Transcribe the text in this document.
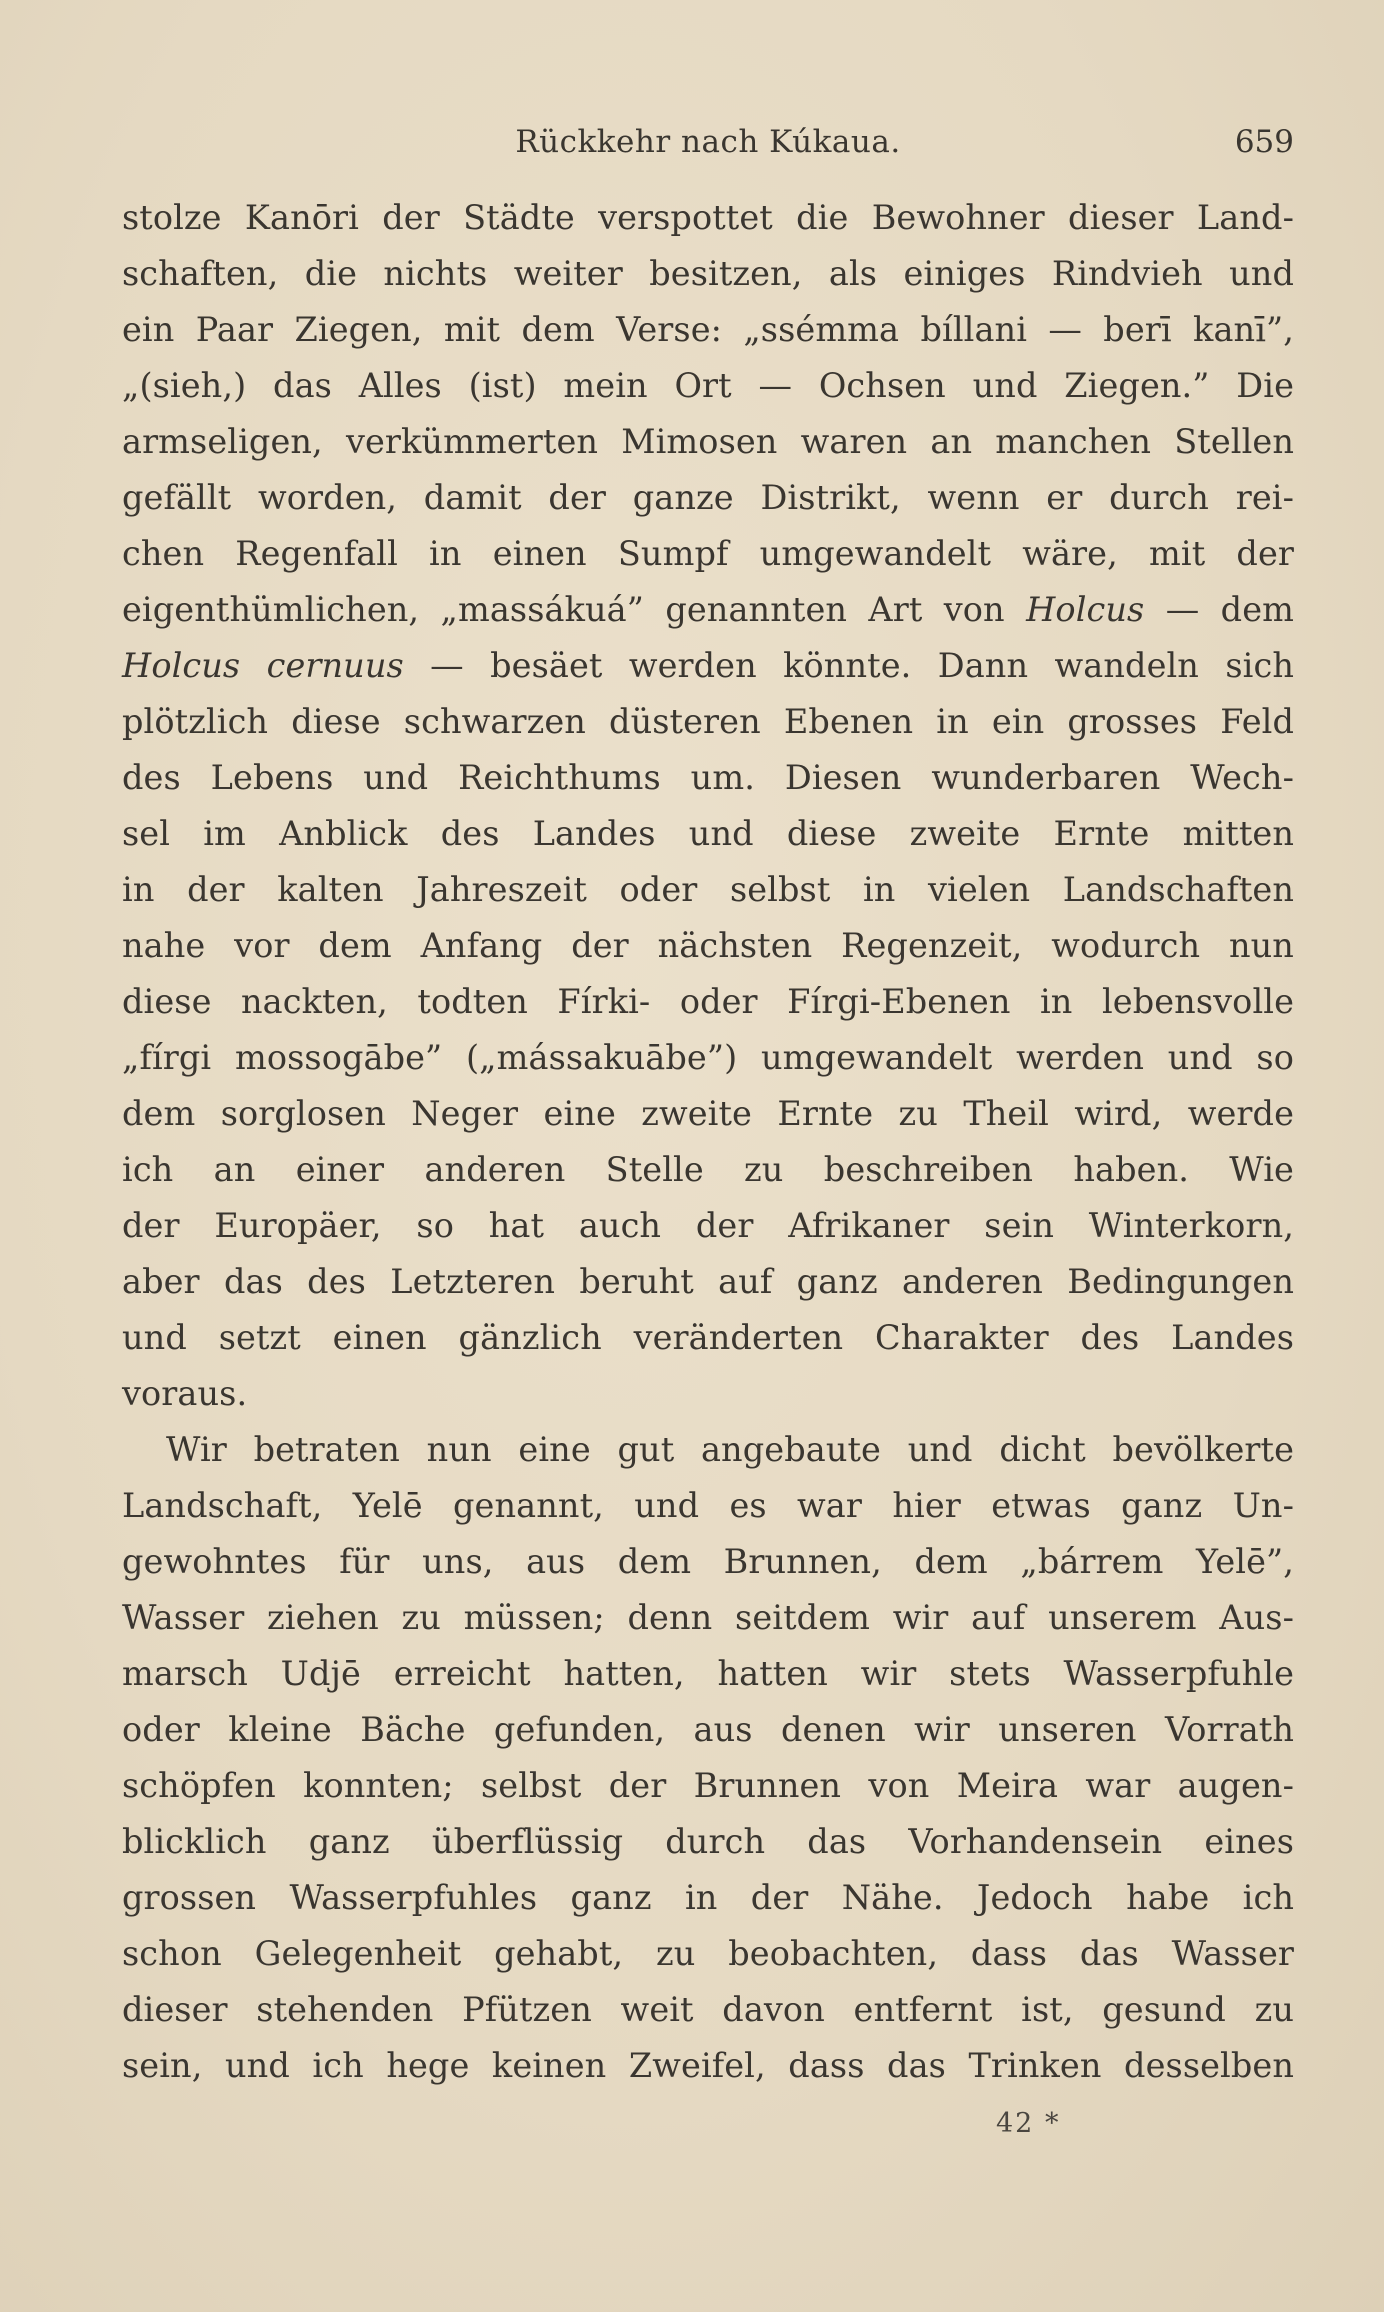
Rückkehr nach Kúkaua.	659
stolze Kanōri der Städte verspottet die Bewohner dieser Land-
schaften, die nichts weiter besitzen, als einiges Rindvieh und
ein Paar Ziegen, mit dem Verse: „ssémma bíllani — berī kanī”,
„(sieh,) das Alles (ist) mein Ort — Ochsen und Ziegen.” Die
armseligen, verkümmerten Mimosen waren an manchen Stellen
gefällt worden, damit der ganze Distrikt, wenn er durch rei-
chen Regenfall in einen Sumpf umgewandelt wäre, mit der
eigenthümlichen, „massákuá” genannten Art von Holcus — dem
Holcus cernuus — besäet werden könnte. Dann wandeln sich
plötzlich diese schwarzen düsteren Ebenen in ein grosses Feld
des Lebens und Reichthums um. Diesen wunderbaren Wech-
sel im Anblick des Landes und diese zweite Ernte mitten
in der kalten Jahreszeit oder selbst in vielen Landschaften
nahe vor dem Anfang der nächsten Regenzeit, wodurch nun
diese nackten, todten Fírki- oder Fírgi-Ebenen in lebensvolle
„fírgi mossogābe” („mássakuābe”) umgewandelt werden und so
dem sorglosen Neger eine zweite Ernte zu Theil wird, werde
ich an einer anderen Stelle zu beschreiben haben. Wie
der Europäer, so hat auch der Afrikaner sein Winterkorn,
aber das des Letzteren beruht auf ganz anderen Bedingungen
und setzt einen gänzlich veränderten Charakter des Landes
voraus.
Wir betraten nun eine gut angebaute und dicht bevölkerte
Landschaft, Yelē genannt, und es war hier etwas ganz Un-
gewohntes für uns, aus dem Brunnen, dem „bárrem Yelē”,
Wasser ziehen zu müssen; denn seitdem wir auf unserem Aus-
marsch Udjē erreicht hatten, hatten wir stets Wasserpfuhle
oder kleine Bäche gefunden, aus denen wir unseren Vorrath
schöpfen konnten; selbst der Brunnen von Meira war augen-
blicklich ganz überflüssig durch das Vorhandensein eines
grossen Wasserpfuhles ganz in der Nähe. Jedoch habe ich
schon Gelegenheit gehabt, zu beobachten, dass das Wasser
dieser stehenden Pfützen weit davon entfernt ist, gesund zu
sein, und ich hege keinen Zweifel, dass das Trinken desselben
42 *
